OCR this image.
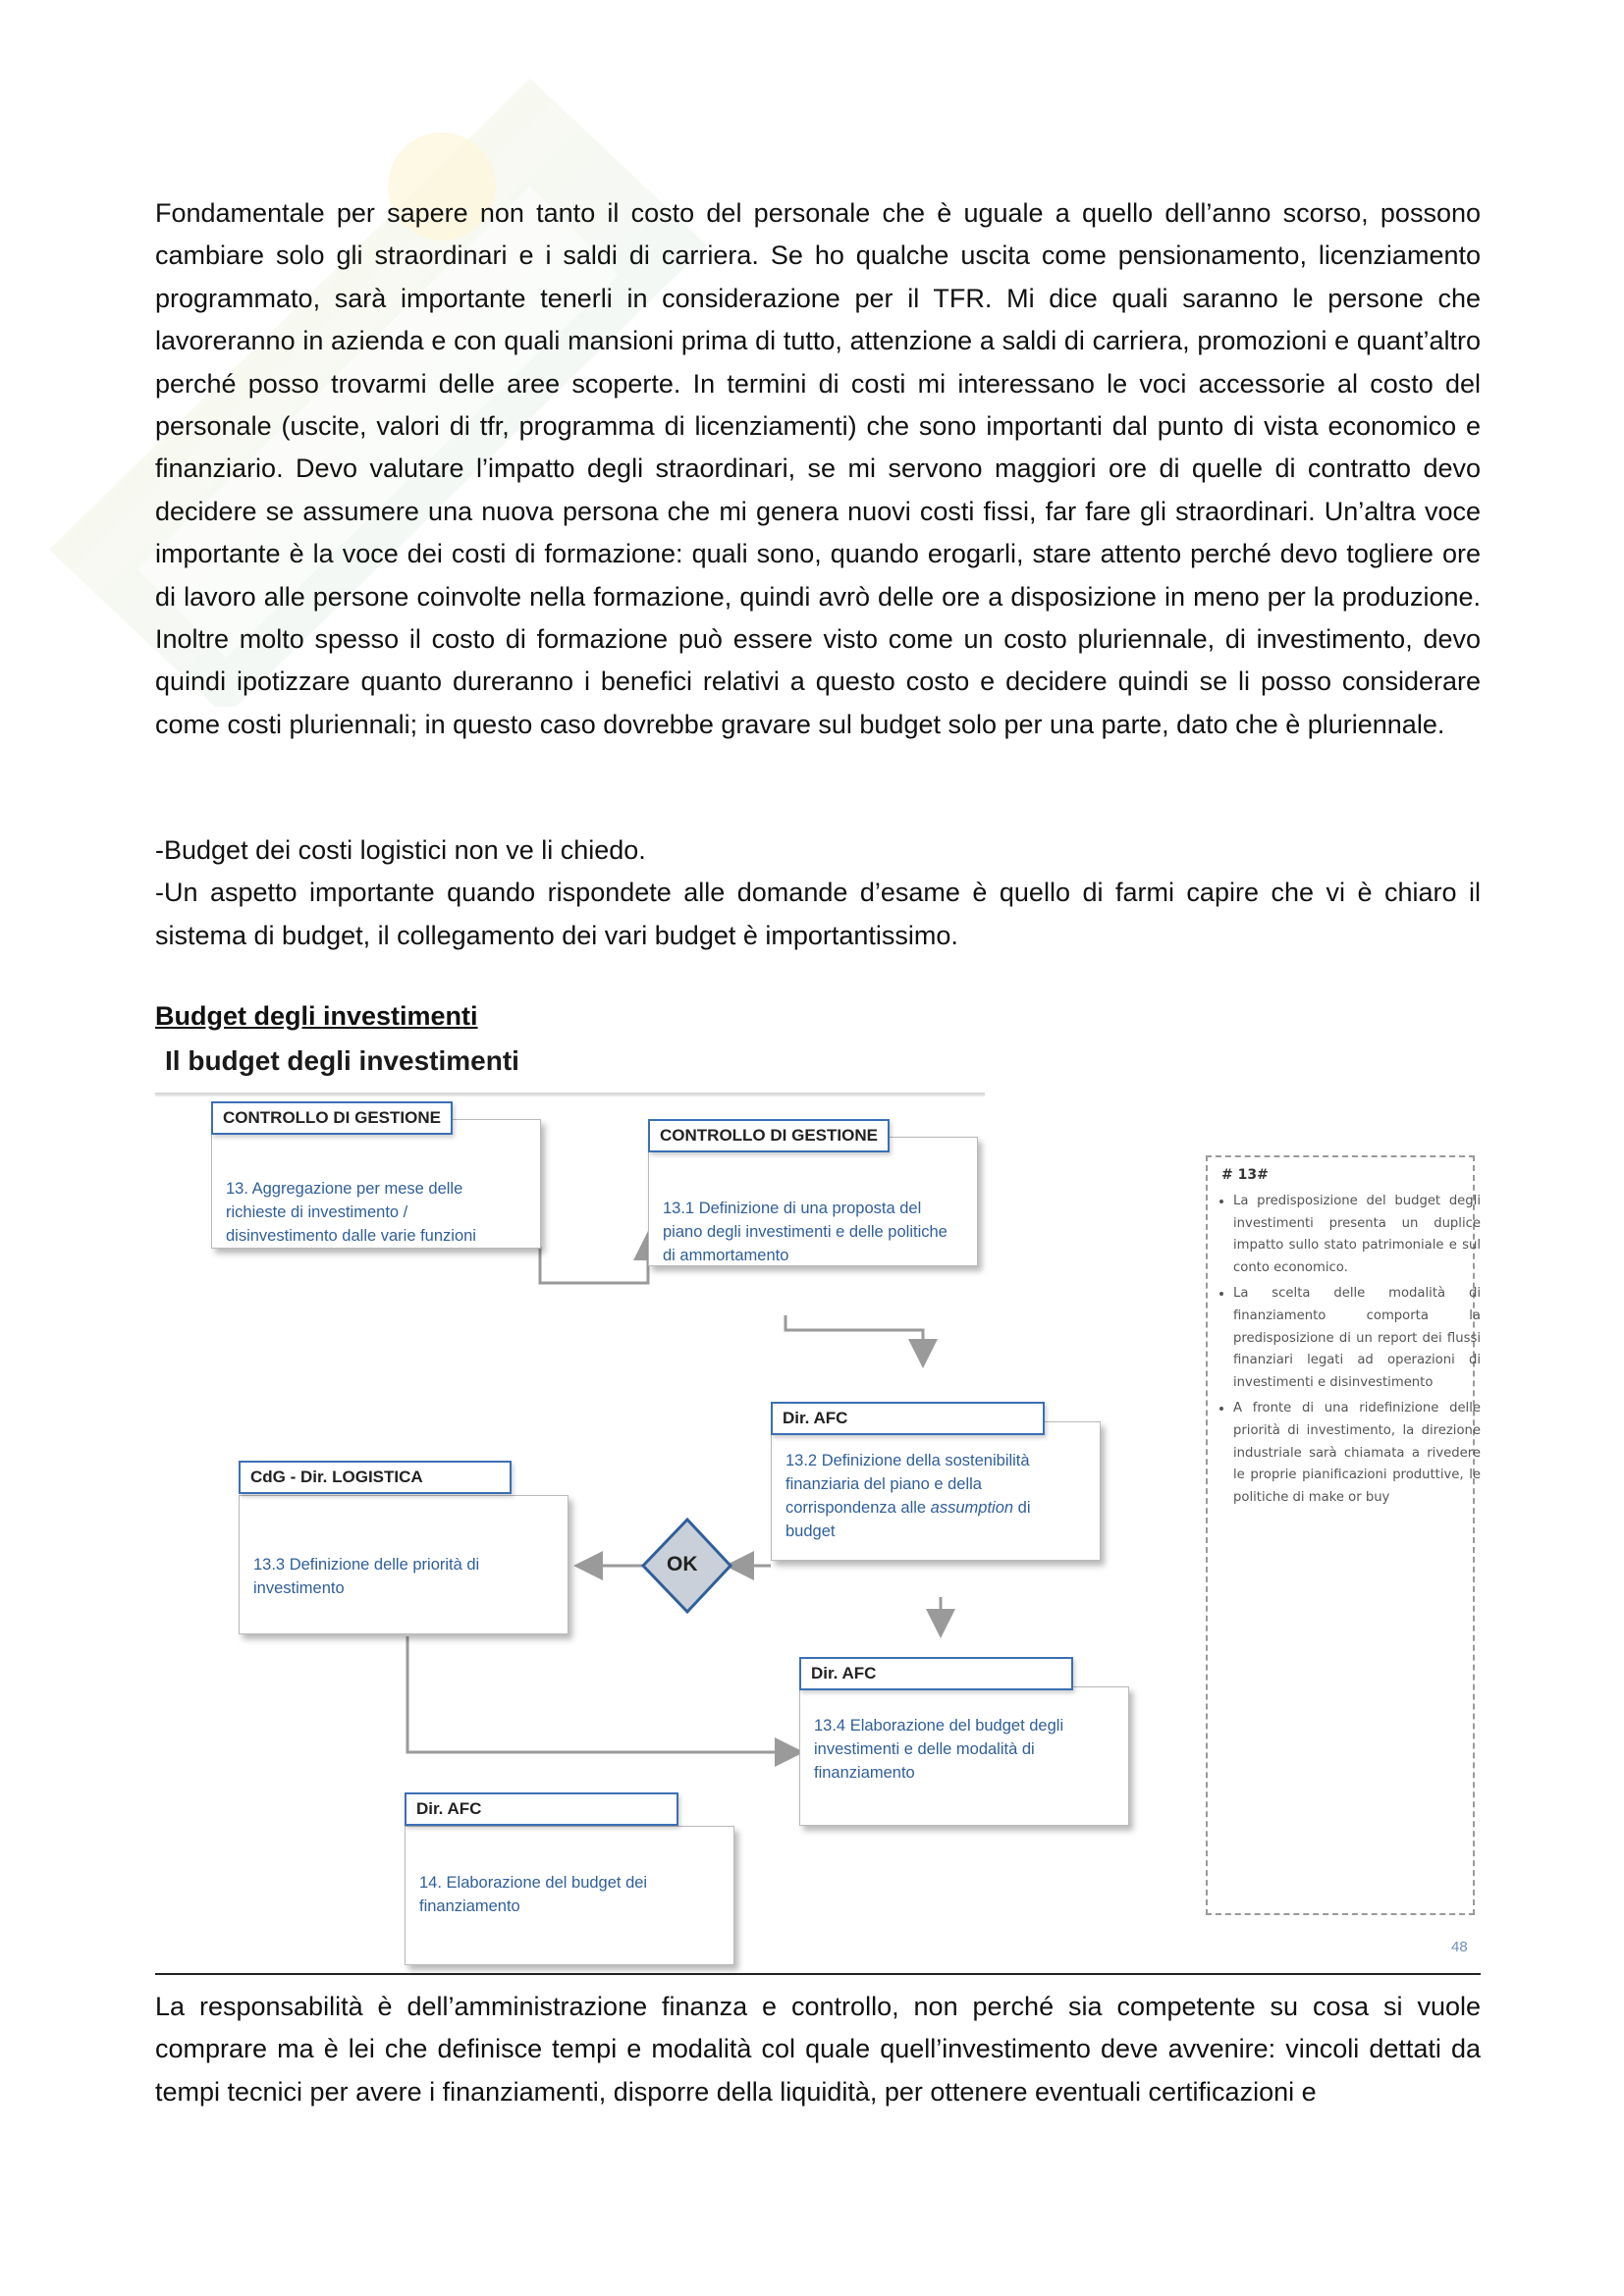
Fondamentale per sapere non tanto il costo del personale che è uguale a quello dell’anno scorso, possono cambiare solo gli straordinari e i saldi di carriera. Se ho qualche uscita come pensionamento, licenziamento programmato, sarà importante tenerli in considerazione per il TFR. Mi dice quali saranno le persone che lavoreranno in azienda e con quali mansioni prima di tutto, attenzione a saldi di carriera, promozioni e quant’altro perché posso trovarmi delle aree scoperte. In termini di costi mi interessano le voci accessorie al costo del personale (uscite, valori di tfr, programma di licenziamenti) che sono importanti dal punto di vista economico e finanziario. Devo valutare l’impatto degli straordinari, se mi servono maggiori ore di quelle di contratto devo decidere se assumere una nuova persona che mi genera nuovi costi fissi, far fare gli straordinari. Un’altra voce importante è la voce dei costi di formazione: quali sono, quando erogarli, stare attento perché devo togliere ore di lavoro alle persone coinvolte nella formazione, quindi avrò delle ore a disposizione in meno per la produzione. Inoltre molto spesso il costo di formazione può essere visto come un costo pluriennale, di investimento, devo quindi ipotizzare quanto dureranno i benefici relativi a questo costo e decidere quindi se li posso considerare come costi pluriennali; in questo caso dovrebbe gravare sul budget solo per una parte, dato che è pluriennale.

-Budget dei costi logistici non ve li chiedo.

-Un aspetto importante quando rispondete alle domande d’esame è quello di farmi capire che vi è chiaro il sistema di budget, il collegamento dei vari budget è importantissimo.

Budget degli investimenti
Il budget degli investimenti
OK
13. Aggregazione per mese delle richieste di investimento / disinvestimento dalle varie funzioni
CONTROLLO DI GESTIONE
13.1 Definizione di una proposta del piano degli investimenti e delle politiche di ammortamento
CONTROLLO DI GESTIONE
13.2 Definizione della sostenibilità finanziaria del piano e della corrispondenza alle assumption di budget
Dir. AFC
13.3 Definizione delle priorità di investimento
CdG - Dir. LOGISTICA
13.4 Elaborazione del budget degli investimenti e delle modalità di finanziamento
Dir. AFC
14. Elaborazione del budget dei finanziamento
Dir. AFC
# 13#
• La predisposizione del budget degli investimenti presenta un duplice impatto sullo stato patrimoniale e sul conto economico.
• La scelta delle modalità di finanziamento comporta la predisposizione di un report dei flussi finanziari legati ad operazioni di investimenti e disinvestimento
• A fronte di una ridefinizione delle priorità di investimento, la direzione industriale sarà chiamata a rivedere le proprie pianificazioni produttive, le politiche di make or buy
48

La responsabilità è dell’amministrazione finanza e controllo, non perché sia competente su cosa si vuole comprare ma è lei che definisce tempi e modalità col quale quell’investimento deve avvenire: vincoli dettati da tempi tecnici per avere i finanziamenti, disporre della liquidità, per ottenere eventuali certificazioni e
